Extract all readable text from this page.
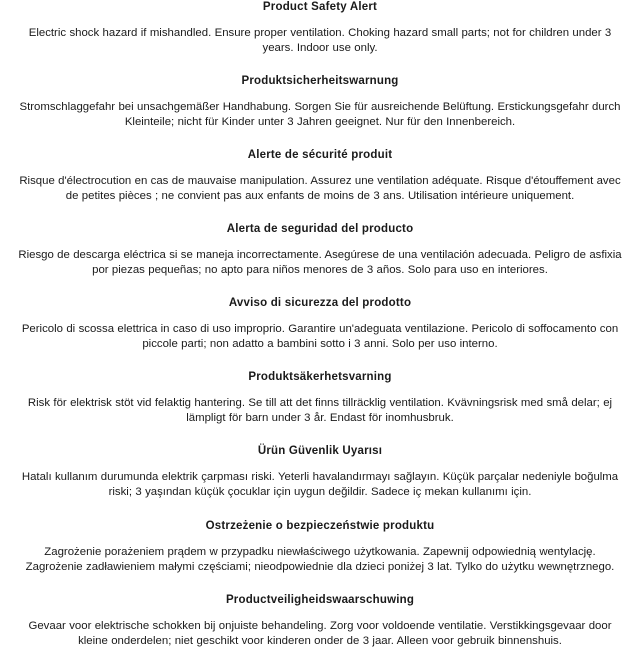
Product Safety Alert
Electric shock hazard if mishandled. Ensure proper ventilation. Choking hazard small parts; not for children under 3
years. Indoor use only.
Produktsicherheitswarnung
Stromschlaggefahr bei unsachgemäßer Handhabung. Sorgen Sie für ausreichende Belüftung. Erstickungsgefahr durch
Kleinteile; nicht für Kinder unter 3 Jahren geeignet. Nur für den Innenbereich.
Alerte de sécurité produit
Risque d'électrocution en cas de mauvaise manipulation. Assurez une ventilation adéquate. Risque d'étouffement avec
de petites pièces ; ne convient pas aux enfants de moins de 3 ans. Utilisation intérieure uniquement.
Alerta de seguridad del producto
Riesgo de descarga eléctrica si se maneja incorrectamente. Asegúrese de una ventilación adecuada. Peligro de asfixia
por piezas pequeñas; no apto para niños menores de 3 años. Solo para uso en interiores.
Avviso di sicurezza del prodotto
Pericolo di scossa elettrica in caso di uso improprio. Garantire un'adeguata ventilazione. Pericolo di soffocamento con
piccole parti; non adatto a bambini sotto i 3 anni. Solo per uso interno.
Produktsäkerhetsvarning
Risk för elektrisk stöt vid felaktig hantering. Se till att det finns tillräcklig ventilation. Kvävningsrisk med små delar; ej
lämpligt för barn under 3 år. Endast för inomhusbruk.
Ürün Güvenlik Uyarısı
Hatalı kullanım durumunda elektrik çarpması riski. Yeterli havalandırmayı sağlayın. Küçük parçalar nedeniyle boğulma
riski; 3 yaşından küçük çocuklar için uygun değildir. Sadece iç mekan kullanımı için.
Ostrzeżenie o bezpieczeństwie produktu
Zagrożenie porażeniem prądem w przypadku niewłaściwego użytkowania. Zapewnij odpowiednią wentylację.
Zagrożenie zadławieniem małymi częściami; nieodpowiednie dla dzieci poniżej 3 lat. Tylko do użytku wewnętrznego.
Productveiligheidswaarschuwing
Gevaar voor elektrische schokken bij onjuiste behandeling. Zorg voor voldoende ventilatie. Verstikkingsgevaar door
kleine onderdelen; niet geschikt voor kinderen onder de 3 jaar. Alleen voor gebruik binnenshuis.
